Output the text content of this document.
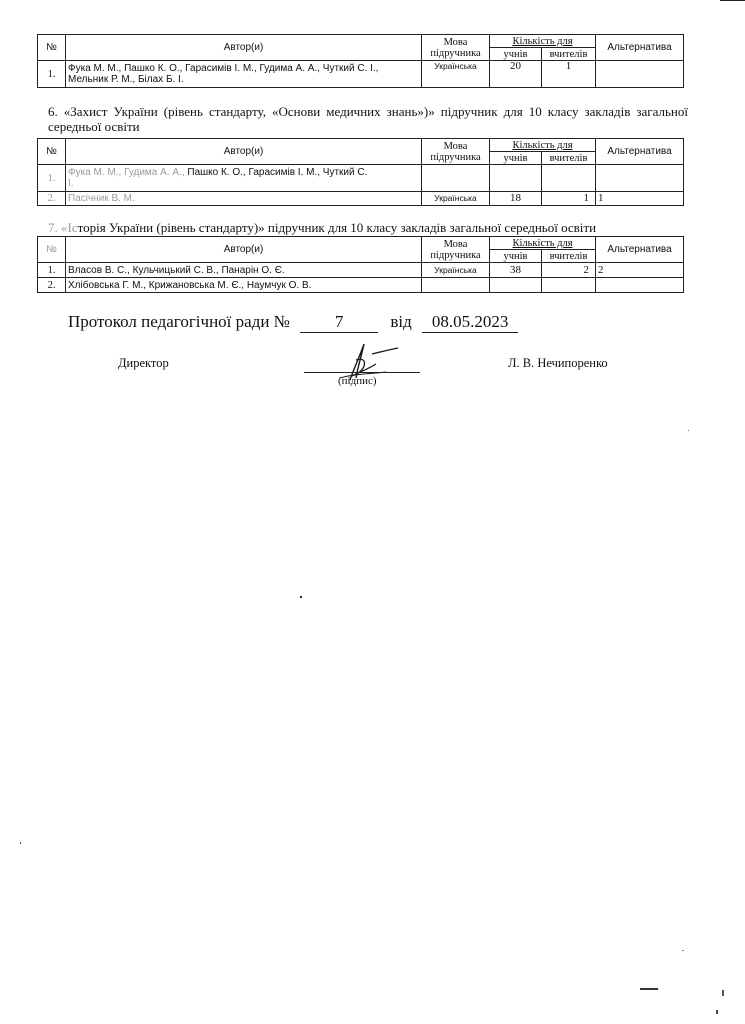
№	Автор(и)	Мова
підручника	Кількість для		Альтернатива
			учнів	вчителів	
1.	Фука М. М., Пашко К. О., Гарасимів І. М., Гудима А. А., Чуткий С. І., Мельник Р. М., Білах Б. І.	Українська	20	1	
6. «Захист України (рівень стандарту, «Основи медичних знань»)» підручник для 10 класу закладів загальної середньої освіти
№	Автор(и)	Мова
підручника	Кількість для		Альтернатива
			учнів	вчителів	
1.	Фука М. М., Гудима А. А., Пашко К. О., Гарасимів І. М., Чуткий С.
І.				
2.	Пасічник В. М.	Українська	18	1	1
7. «Історія України (рівень стандарту)» підручник для 10 класу закладів загальної середньої освіти
№	Автор(и)	Мова
підручника	Кількість для		Альтернатива
			учнів	вчителів	
1.	Власов В. С., Кульчицький С. В., Панарін О. Є.	Українська	38	2	2
2.	Хлібовська Г. М., Крижановська М. Є., Наумчук О. В.				
Протокол педагогічної ради №	7	від 08.05.2023
Директор
(підпис)
Л. В. Нечипоренко
